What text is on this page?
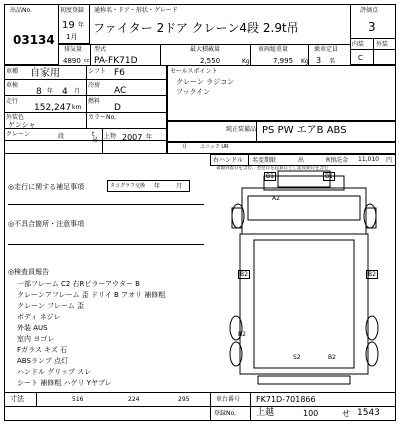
出品No.
03134
初度登録
19 年
1月
通称名・ドア・形状・グレード
ファイター 2ドア クレーン4段 2.9t吊
排気量
4890 cc
型式
PA-FK71D
最大積載量
2,550	Kg
車両総重量
7,995 Kg
乗車定員
3 名
評価点
3
内装 外装
C
車種 自家用	シフト F6
車検
8 年 4 月
冷房
AC
走行
152,247 km
燃料
D
外装色
ゲンシャ
カラーNo.
クレーン	段	t
吊
上物 2007 年
セールスポイント
クレーン ラジコン
フックイン
純正装備品 PS PW エアB ABS
月	ユニック UR
右ハンドル 名変期限	出	R預託金 11,010 円
書類到着日を含む、翌翌日を起算日とし延長期日を含む
◎走行に関する補足事項	タコグラフ交換 年	月
◎不具合箇所・注意事項
◎検査員報告
一部フレーム C2 右Rピラーアウター B
クレーンアフレーム 歪 ドリイ B アオリ 補修粗
クレーン フレーム 歪
ボディ ネジレ
外装 AUS
室内 ヨゴレ
Fガラス キズ 石
ABSランプ 点灯
ハンドル グリップ スレ
シート 補修粗 ハゲリ Yヤブレ
B1	B1
A2
B2	B2
B2
S2	B2
寸法	516	224	295	車台番号 FK71D-701866
登録No. 上越	100	せ 1543
